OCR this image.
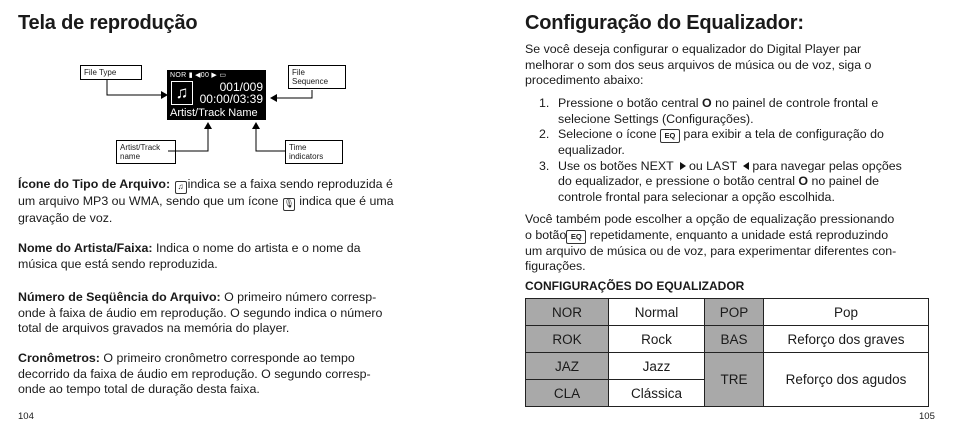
Tela de reprodução
File Type	File
Sequence
Artist/Track
name
Time
indicators
NOR ▮ ◀00 ▶ ▭
♫	001/009
00:00/03:39
Artist/Track Name

Ícone do Tipo de Arquivo: ♫ indica se a faixa sendo reproduzida é
um arquivo MP3 ou WMA, sendo que um ícone 🎙 indica que é uma
gravação de voz.

Nome do Artista/Faixa: Indica o nome do artista e o nome da
música que está sendo reproduzida.

Número de Seqüência do Arquivo: O primeiro número corresp-
onde à faixa de áudio em reprodução. O segundo indica o número
total de arquivos gravados na memória do player.

Cronômetros: O primeiro cronômetro corresponde ao tempo
decorrido da faixa de áudio em reprodução. O segundo corresp-
onde ao tempo total de duração desta faixa.

104
Configuração do Equalizador:

Se você deseja configurar o equalizador do Digital Player par
melhorar o som dos seus arquivos de música ou de voz, siga o
procedimento abaixo:

1. Pressione o botão central O no painel de controle frontal e
selecione Settings (Configurações).
2. Selecione o ícone EQ para exibir a tela de configuração do
equalizador.
3. Use os botões NEXT ou LAST para navegar pelas opções
do equalizador, e pressione o botão central O no painel de
controle frontal para selecionar a opção escolhida.

Você também pode escolher a opção de equalização pressionando
o botão EQ repetidamente, enquanto a unidade está reproduzindo
um arquivo de música ou de voz, para experimentar diferentes con-
figurações.

CONFIGURAÇÕES DO EQUALIZADOR

NOR	Normal	POP	Pop
ROK	Rock	BAS	Reforço dos graves
JAZ	Jazz	TRE	Reforço dos agudos
CLA	Clássica		
105
